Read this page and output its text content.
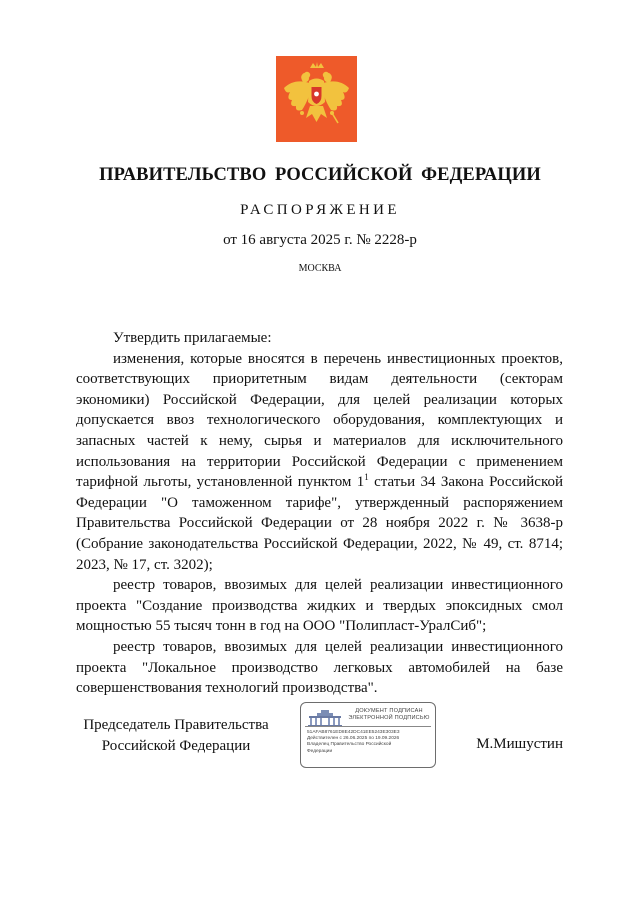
ПРАВИТЕЛЬСТВО РОССИЙСКОЙ ФЕДЕРАЦИИ
РАСПОРЯЖЕНИЕ
от 16 августа 2025 г. № 2228-р
МОСКВА

Утвердить прилагаемые:

изменения, которые вносятся в перечень инвестиционных проектов, соответствующих приоритетным видам деятельности (секторам экономики) Российской Федерации, для целей реализации которых допускается ввоз технологического оборудования, комплектующих и запасных частей к нему, сырья и материалов для исключительного использования на территории Российской Федерации с применением тарифной льготы, установленной пунктом $1^1$ статьи 34 Закона Российской Федерации "О таможенном тарифе", утвержденный распоряжением Правительства Российской Федерации от 28 ноября 2022 г. № 3638-р (Собрание законодательства Российской Федерации, 2022, № 49, ст. 8714; 2023, № 17, ст. 3202);

реестр товаров, ввозимых для целей реализации инвестиционного проекта "Создание производства жидких и твердых эпоксидных смол мощностью 55 тысяч тонн в год на ООО "Полипласт-УралСиб";

реестр товаров, ввозимых для целей реализации инвестиционного проекта "Локальное производство легковых автомобилей на базе совершенствования технологий производства".

Председатель Правительства
Российской Федерации
ДОКУМЕНТ ПОДПИСАН
ЭЛЕКТРОННОЙ ПОДПИСЬЮ
51AFAB8761ED8E42DC41EE5243E303E3
Действителен с 26.06.2025 по 19.09.2026
Владелец Правительство Российской
Федерации	М.Мишустин
